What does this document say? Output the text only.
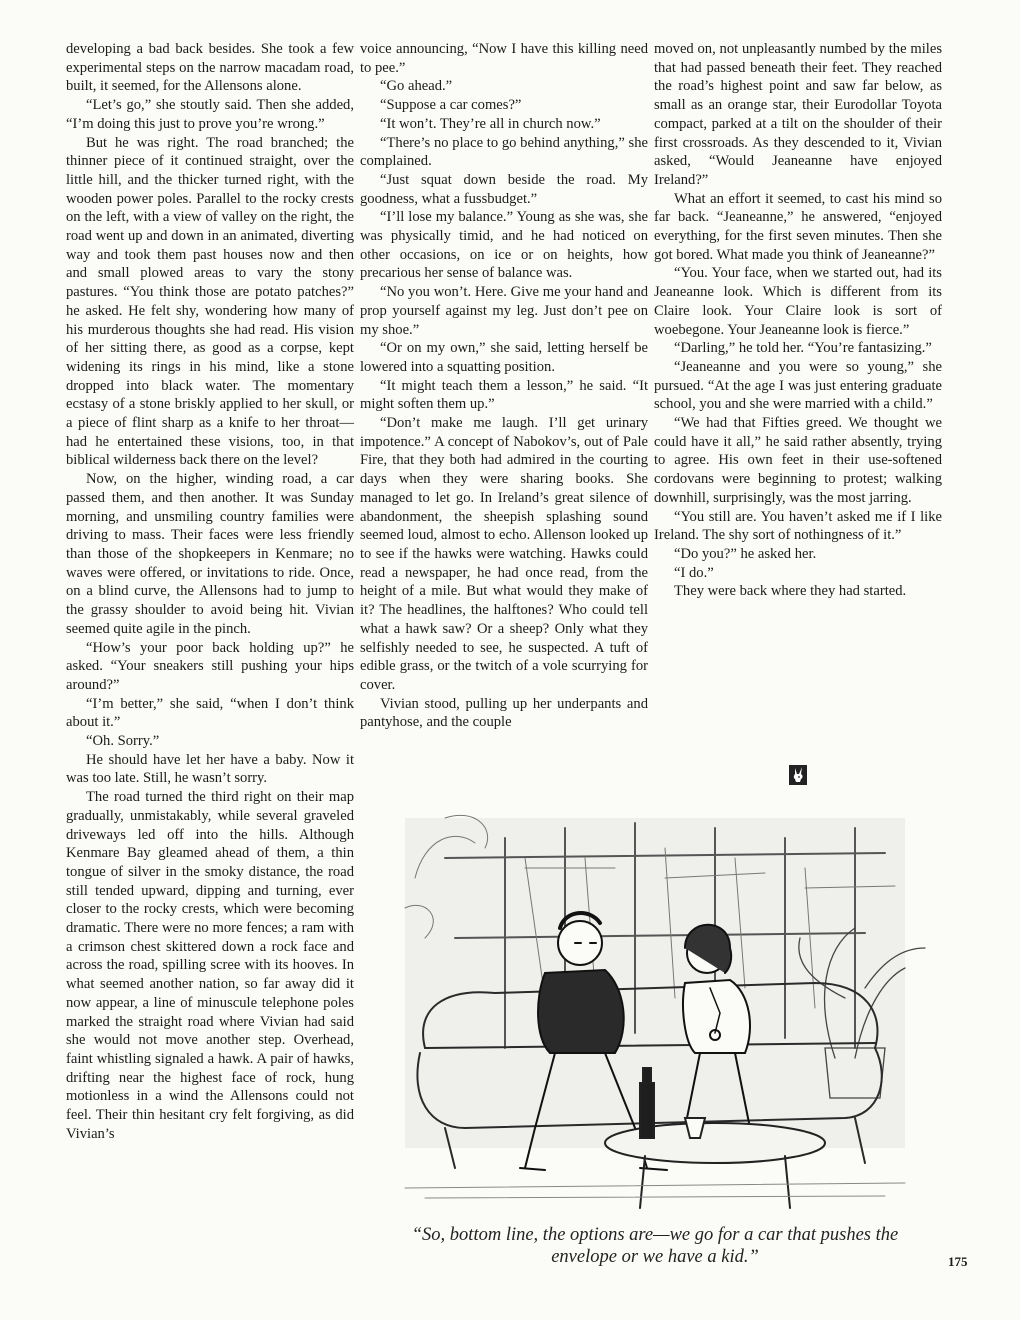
developing a bad back besides. She took a few experimental steps on the narrow macadam road, built, it seemed, for the Allensons alone.

“Let’s go,” she stoutly said. Then she added, “I’m doing this just to prove you’re wrong.”

But he was right. The road branched; the thinner piece of it continued straight, over the little hill, and the thicker turned right, with the wooden power poles. Parallel to the rocky crests on the left, with a view of valley on the right, the road went up and down in an animated, diverting way and took them past houses now and then and small plowed areas to vary the stony pastures. “You think those are potato patches?” he asked. He felt shy, wondering how many of his murderous thoughts she had read. His vision of her sitting there, as good as a corpse, kept widening its rings in his mind, like a stone dropped into black water. The momentary ecstasy of a stone briskly applied to her skull, or a piece of flint sharp as a knife to her throat—had he entertained these visions, too, in that biblical wilderness back there on the level?

Now, on the higher, winding road, a car passed them, and then another. It was Sunday morning, and unsmiling country families were driving to mass. Their faces were less friendly than those of the shopkeepers in Kenmare; no waves were offered, or invitations to ride. Once, on a blind curve, the Allensons had to jump to the grassy shoulder to avoid being hit. Vivian seemed quite agile in the pinch.

“How’s your poor back holding up?” he asked. “Your sneakers still pushing your hips around?”

“I’m better,” she said, “when I don’t think about it.”

“Oh. Sorry.”

He should have let her have a baby. Now it was too late. Still, he wasn’t sorry.

The road turned the third right on their map gradually, unmistakably, while several graveled driveways led off into the hills. Although Kenmare Bay gleamed ahead of them, a thin tongue of silver in the smoky distance, the road still tended upward, dipping and turning, ever closer to the rocky crests, which were becoming dramatic. There were no more fences; a ram with a crimson chest skittered down a rock face and across the road, spilling scree with its hooves. In what seemed another nation, so far away did it now appear, a line of minuscule telephone poles marked the straight road where Vivian had said she would not move another step. Overhead, faint whistling signaled a hawk. A pair of hawks, drifting near the highest face of rock, hung motionless in a wind the Allensons could not feel. Their thin hesitant cry felt forgiving, as did Vivian’s

voice announcing, “Now I have this killing need to pee.”

“Go ahead.”

“Suppose a car comes?”

“It won’t. They’re all in church now.”

“There’s no place to go behind anything,” she complained.

“Just squat down beside the road. My goodness, what a fussbudget.”

“I’ll lose my balance.” Young as she was, she was physically timid, and he had noticed on other occasions, on ice or on heights, how precarious her sense of balance was.

“No you won’t. Here. Give me your hand and prop yourself against my leg. Just don’t pee on my shoe.”

“Or on my own,” she said, letting herself be lowered into a squatting position.

“It might teach them a lesson,” he said. “It might soften them up.”

“Don’t make me laugh. I’ll get urinary impotence.” A concept of Nabokov’s, out of Pale Fire, that they both had admired in the courting days when they were sharing books. She managed to let go. In Ireland’s great silence of abandonment, the sheepish splashing sound seemed loud, almost to echo. Allenson looked up to see if the hawks were watching. Hawks could read a newspaper, he had once read, from the height of a mile. But what would they make of it? The headlines, the halftones? Who could tell what a hawk saw? Or a sheep? Only what they selfishly needed to see, he suspected. A tuft of edible grass, or the twitch of a vole scurrying for cover.

Vivian stood, pulling up her underpants and pantyhose, and the couple

moved on, not unpleasantly numbed by the miles that had passed beneath their feet. They reached the road’s highest point and saw far below, as small as an orange star, their Eurodollar Toyota compact, parked at a tilt on the shoulder of their first crossroads. As they descended to it, Vivian asked, “Would Jeaneanne have enjoyed Ireland?”

What an effort it seemed, to cast his mind so far back. “Jeaneanne,” he answered, “enjoyed everything, for the first seven minutes. Then she got bored. What made you think of Jeaneanne?”

“You. Your face, when we started out, had its Jeaneanne look. Which is different from its Claire look. Your Claire look is sort of woebegone. Your Jeaneanne look is fierce.”

“Darling,” he told her. “You’re fantasizing.”

“Jeaneanne and you were so young,” she pursued. “At the age I was just entering graduate school, you and she were married with a child.”

“We had that Fifties greed. We thought we could have it all,” he said rather absently, trying to agree. His own feet in their use-softened cordovans were beginning to protest; walking downhill, surprisingly, was the most jarring.

“You still are. You haven’t asked me if I like Ireland. The shy sort of nothingness of it.”

“Do you?” he asked her.

“I do.”

They were back where they had started.

“So, bottom line, the options are—we go for a car that pushes the envelope or we have a kid.”	175
